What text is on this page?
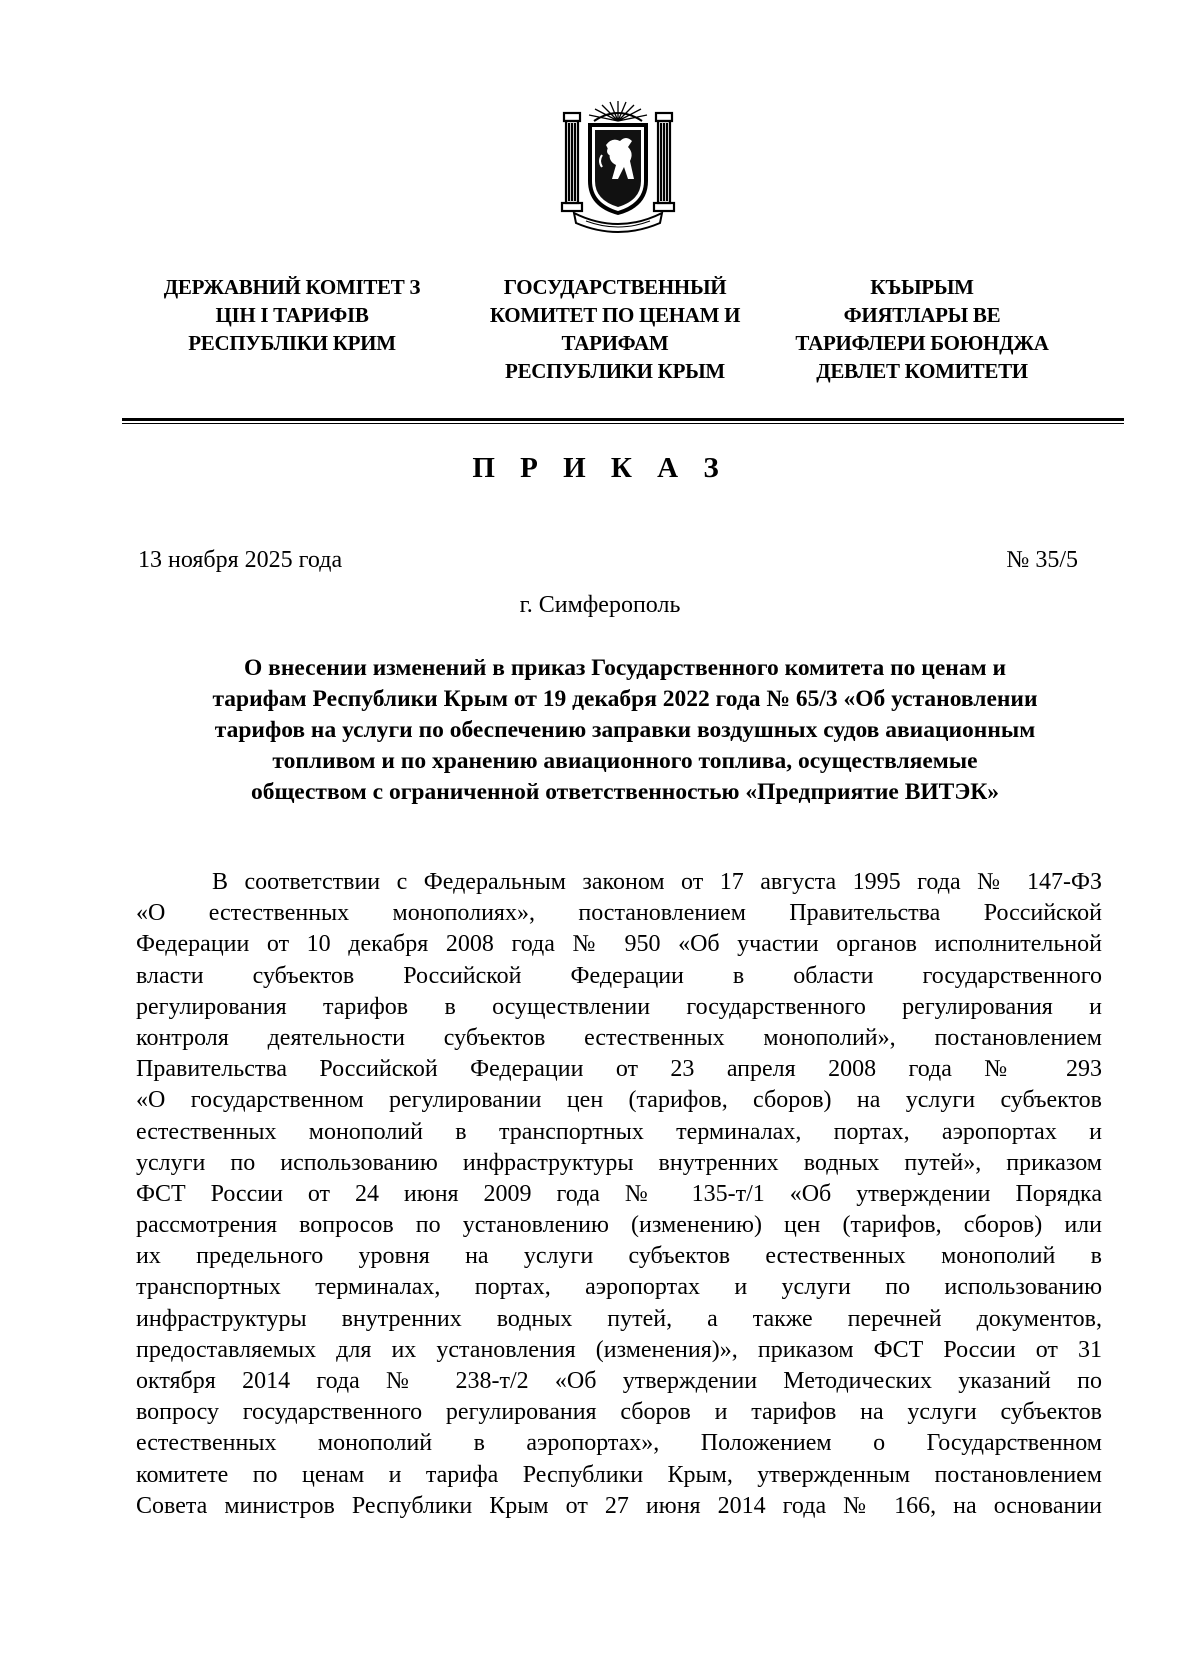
ДЕРЖАВНИЙ КОМІТЕТ З
ЦІН І ТАРИФІВ
РЕСПУБЛІКИ КРИМ
ГОСУДАРСТВЕННЫЙ
КОМИТЕТ ПО ЦЕНАМ И
ТАРИФАМ
РЕСПУБЛИКИ КРЫМ
КЪЫРЫМ
ФИЯТЛАРЫ ВЕ
ТАРИФЛЕРИ БОЮНДЖА
ДЕВЛЕТ КОМИТЕТИ
П Р И К А З
13 ноября 2025 года	№ 35/5
г. Симферополь
О внесении изменений в приказ Государственного комитета по ценам и
тарифам Республики Крым от 19 декабря 2022 года № 65/3 «Об установлении
тарифов на услуги по обеспечению заправки воздушных судов авиационным
топливом и по хранению авиационного топлива, осуществляемые
обществом с ограниченной ответственностью «Предприятие ВИТЭК»
В соответствии с Федеральным законом от 17 августа 1995 года № 147-ФЗ
«О естественных монополиях», постановлением Правительства Российской
Федерации от 10 декабря 2008 года № 950 «Об участии органов исполнительной
власти субъектов Российской Федерации в области государственного
регулирования тарифов в осуществлении государственного регулирования и
контроля деятельности субъектов естественных монополий», постановлением
Правительства Российской Федерации от 23 апреля 2008 года № 293
«О государственном регулировании цен (тарифов, сборов) на услуги субъектов
естественных монополий в транспортных терминалах, портах, аэропортах и
услуги по использованию инфраструктуры внутренних водных путей», приказом
ФСТ России от 24 июня 2009 года № 135-т/1 «Об утверждении Порядка
рассмотрения вопросов по установлению (изменению) цен (тарифов, сборов) или
их предельного уровня на услуги субъектов естественных монополий в
транспортных терминалах, портах, аэропортах и услуги по использованию
инфраструктуры внутренних водных путей, а также перечней документов,
предоставляемых для их установления (изменения)», приказом ФСТ России от 31
октября 2014 года № 238-т/2 «Об утверждении Методических указаний по
вопросу государственного регулирования сборов и тарифов на услуги субъектов
естественных монополий в аэропортах», Положением о Государственном
комитете по ценам и тарифа Республики Крым, утвержденным постановлением
Совета министров Республики Крым от 27 июня 2014 года № 166, на основании
